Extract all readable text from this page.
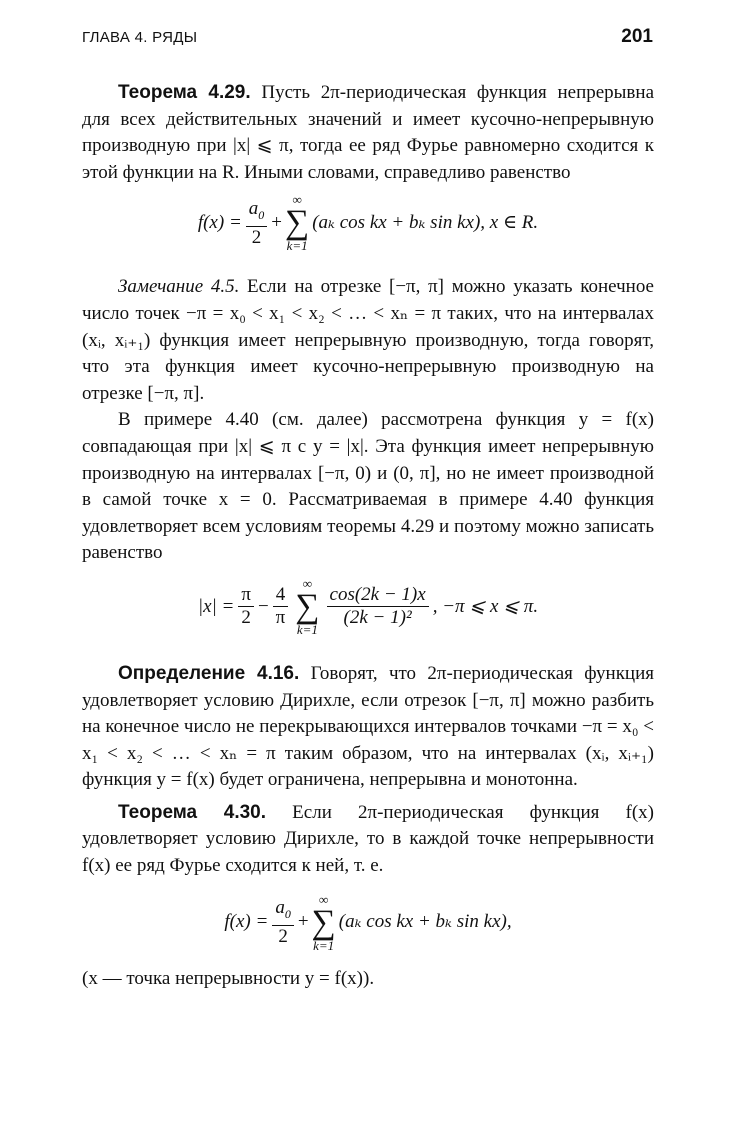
ГЛАВА 4. РЯДЫ	201

Теорема 4.29. Пусть 2π-периодическая функция непрерывна для всех действительных значений и имеет кусочно-непрерывную производную при |x| ⩽ π, тогда ее ряд Фурье равномерно сходится к этой функции на R. Иными словами, справедливо равенство

$f(x) = \frac{a_0}{2}$ +
∞
∑
k=1
(aₖ cos kx + bₖ sin kx), x ∈ R.

Замечание 4.5. Если на отрезке [−π, π] можно указать конечное число точек −π = x₀ < x₁ < x₂ < … < xₙ = π таких, что на интервалах (xᵢ, xᵢ₊₁) функция имеет непрерывную производную, тогда говорят, что эта функция имеет кусочно-непрерывную производную на отрезке [−π, π].

В примере 4.40 (см. далее) рассмотрена функция y = f(x) совпадающая при |x| ⩽ π с y = |x|. Эта функция имеет непрерывную производную на интервалах [−π, 0) и (0, π], но не имеет производной в самой точке x = 0. Рассматриваемая в примере 4.40 функция удовлетворяет всем условиям теоремы 4.29 и поэтому можно записать равенство

$|x| = \frac{\pi}{2} - \frac{4}{\pi}$
∞
∑
$k=1 \frac{\cos(2k - 1)x}{\text{(2k − 1)²}}$ , −π ⩽ x ⩽ π.

Определение 4.16. Говорят, что 2π-периодическая функция удовлетворяет условию Дирихле, если отрезок [−π, π] можно разбить на конечное число не перекрывающихся интервалов точками −π = x₀ < x₁ < x₂ < … < xₙ = π таким образом, что на интервалах (xᵢ, xᵢ₊₁) функция y = f(x) будет ограничена, непрерывна и монотонна.

Теорема 4.30. Если 2π-периодическая функция f(x) удовлетворяет условию Дирихле, то в каждой точке непрерывности f(x) ее ряд Фурье сходится к ней, т. е.

$f(x) = \frac{a_0}{2}$ +
∞
∑
k=1
(aₖ cos kx + bₖ sin kx),

(x — точка непрерывности y = f(x)).
